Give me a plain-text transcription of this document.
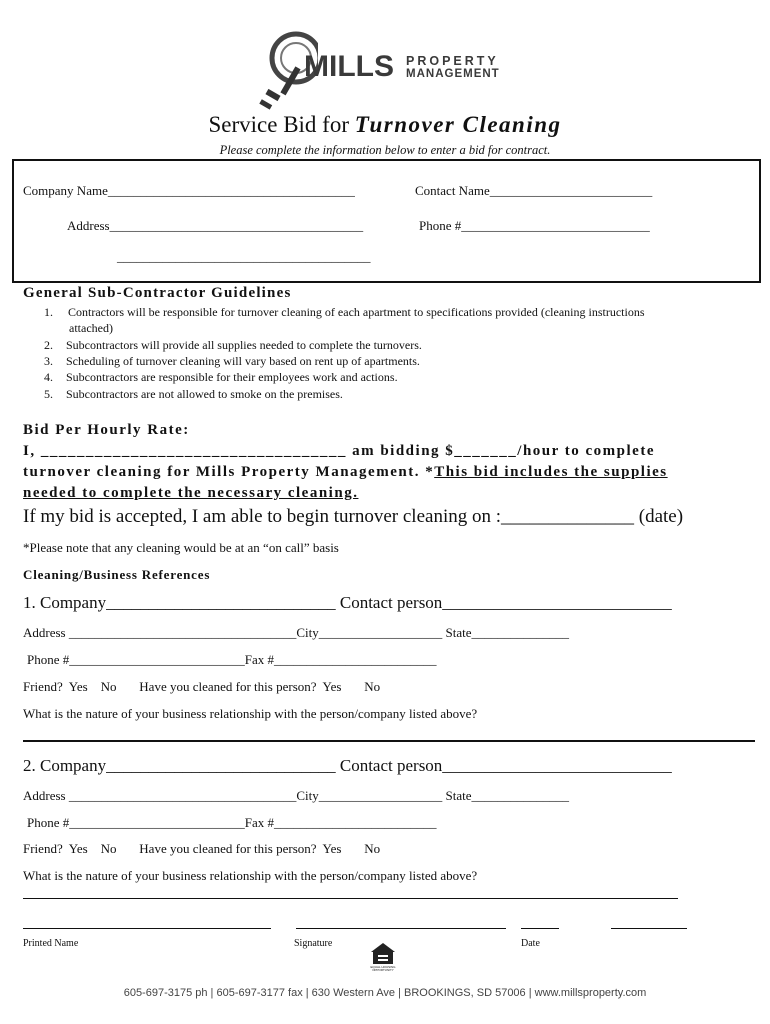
MILLS PROPERTY
MANAGEMENT
Service Bid for Turnover Cleaning
Please complete the information below to enter a bid for contract.
Company Name______________________________________	Contact Name_________________________
Address_______________________________________	Phone #_____________________________
_______________________________________
General Sub-Contractor Guidelines
1. Contractors will be responsible for turnover cleaning of each apartment to specifications provided (cleaning instructions
attached)
2. Subcontractors will provide all supplies needed to complete the turnovers.
3. Scheduling of turnover cleaning will vary based on rent up of apartments.
4. Subcontractors are responsible for their employees work and actions.
5. Subcontractors are not allowed to smoke on the premises.
Bid Per Hourly Rate:
I, __________________________________ am bidding $_______/hour to complete
turnover cleaning for Mills Property Management. *This bid includes the supplies
needed to complete the necessary cleaning.
If my bid is accepted, I am able to begin turnover cleaning on :______________ (date)
*Please note that any cleaning would be at an “on call” basis
Cleaning/Business References
1. Company___________________________ Contact person___________________________
Address ___________________________________City___________________ State_______________
Phone #___________________________Fax #_________________________
Friend?  Yes    No       Have you cleaned for this person?  Yes       No
What is the nature of your business relationship with the person/company listed above?
2. Company___________________________ Contact person___________________________
Address ___________________________________City___________________ State_______________
Phone #___________________________Fax #_________________________
Friend?  Yes    No       Have you cleaned for this person?  Yes       No
What is the nature of your business relationship with the person/company listed above?
Printed Name	Signature	Date
EQUAL HOUSING OPPORTUNITY
605-697-3175 ph | 605-697-3177 fax | 630 Western Ave | BROOKINGS, SD 57006 | www.millsproperty.com
